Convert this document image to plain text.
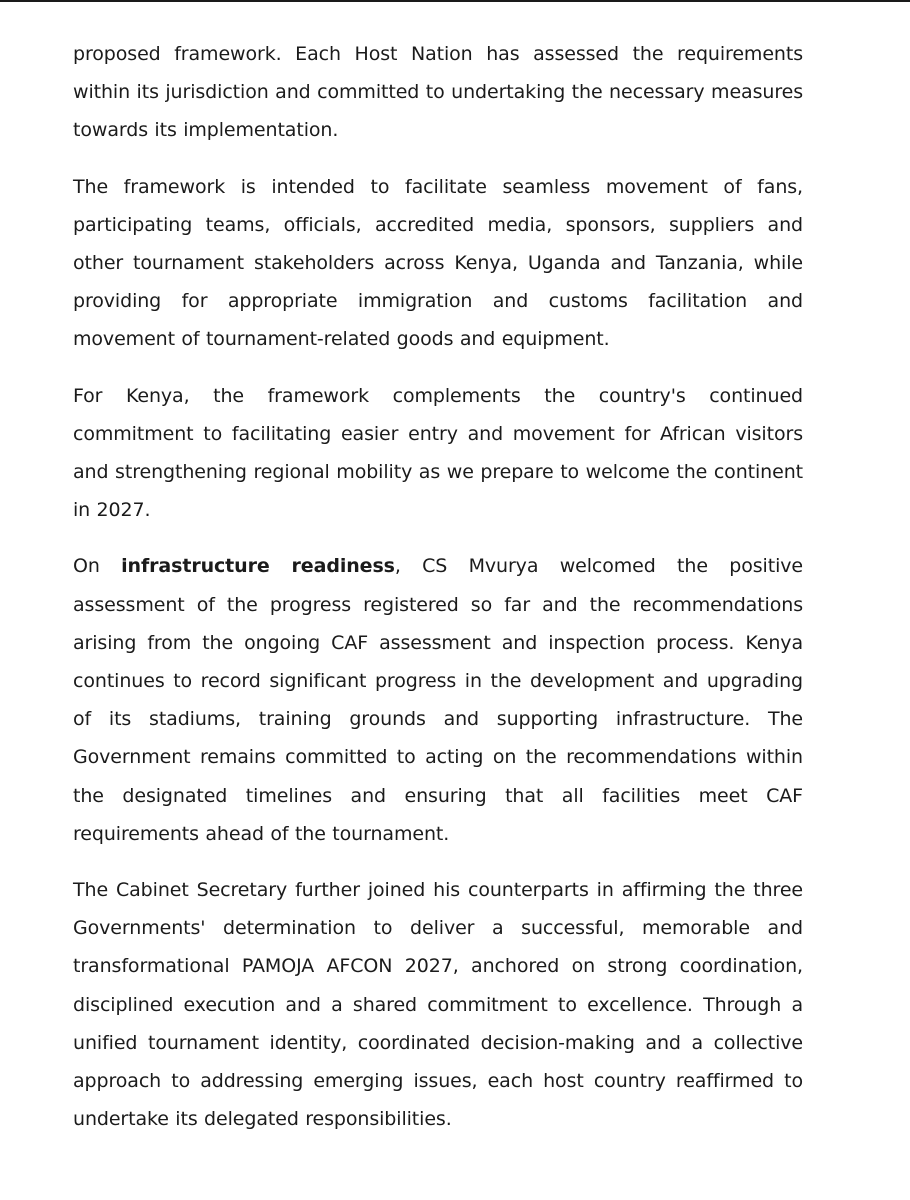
proposed framework. Each Host Nation has assessed the requirements within its jurisdiction and committed to undertaking the necessary measures towards its implementation.

The framework is intended to facilitate seamless movement of fans, participating teams, officials, accredited media, sponsors, suppliers and other tournament stakeholders across Kenya, Uganda and Tanzania, while providing for appropriate immigration and customs facilitation and movement of tournament-related goods and equipment.

For Kenya, the framework complements the country's continued commitment to facilitating easier entry and movement for African visitors and strengthening regional mobility as we prepare to welcome the continent in 2027.

On infrastructure readiness, CS Mvurya welcomed the positive assessment of the progress registered so far and the recommendations arising from the ongoing CAF assessment and inspection process. Kenya continues to record significant progress in the development and upgrading of its stadiums, training grounds and supporting infrastructure. The Government remains committed to acting on the recommendations within the designated timelines and ensuring that all facilities meet CAF requirements ahead of the tournament.

The Cabinet Secretary further joined his counterparts in affirming the three Governments' determination to deliver a successful, memorable and transformational PAMOJA AFCON 2027, anchored on strong coordination, disciplined execution and a shared commitment to excellence. Through a unified tournament identity, coordinated decision-making and a collective approach to addressing emerging issues, each host country reaffirmed to undertake its delegated responsibilities.
